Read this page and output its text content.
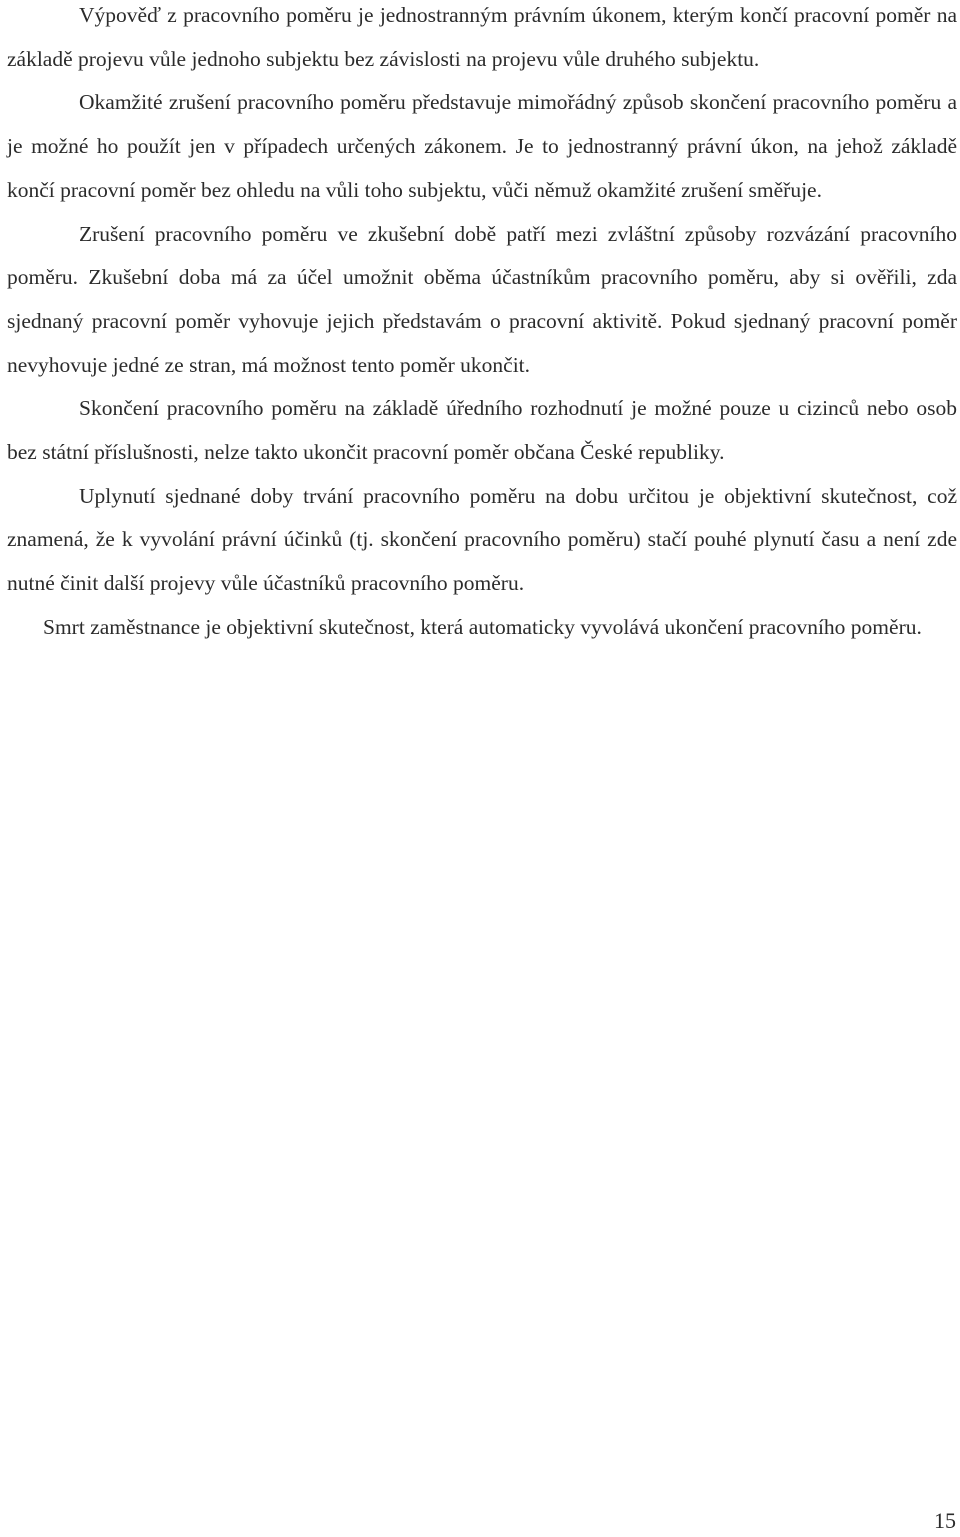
Výpověď z pracovního poměru je jednostranným právním úkonem, kterým končí pracovní poměr na základě projevu vůle jednoho subjektu bez závislosti na projevu vůle druhého subjektu.

Okamžité zrušení pracovního poměru představuje mimořádný způsob skončení pracovního poměru a je možné ho použít jen v případech určených zákonem. Je to jednostranný právní úkon, na jehož základě končí pracovní poměr bez ohledu na vůli toho subjektu, vůči němuž okamžité zrušení směřuje.

Zrušení pracovního poměru ve zkušební době patří mezi zvláštní způsoby rozvázání pracovního poměru. Zkušební doba má za účel umožnit oběma účastníkům pracovního poměru, aby si ověřili, zda sjednaný pracovní poměr vyhovuje jejich představám o pracovní aktivitě. Pokud sjednaný pracovní poměr nevyhovuje jedné ze stran, má možnost tento poměr ukončit.

Skončení pracovního poměru na základě úředního rozhodnutí je možné pouze u cizinců nebo osob bez státní příslušnosti, nelze takto ukončit pracovní poměr občana České republiky.

Uplynutí sjednané doby trvání pracovního poměru na dobu určitou je objektivní skutečnost, což znamená, že k vyvolání právní účinků (tj. skončení pracovního poměru) stačí pouhé plynutí času a není zde nutné činit další projevy vůle účastníků pracovního poměru.

Smrt zaměstnance je objektivní skutečnost, která automaticky vyvolává ukončení pracovního poměru.

15
